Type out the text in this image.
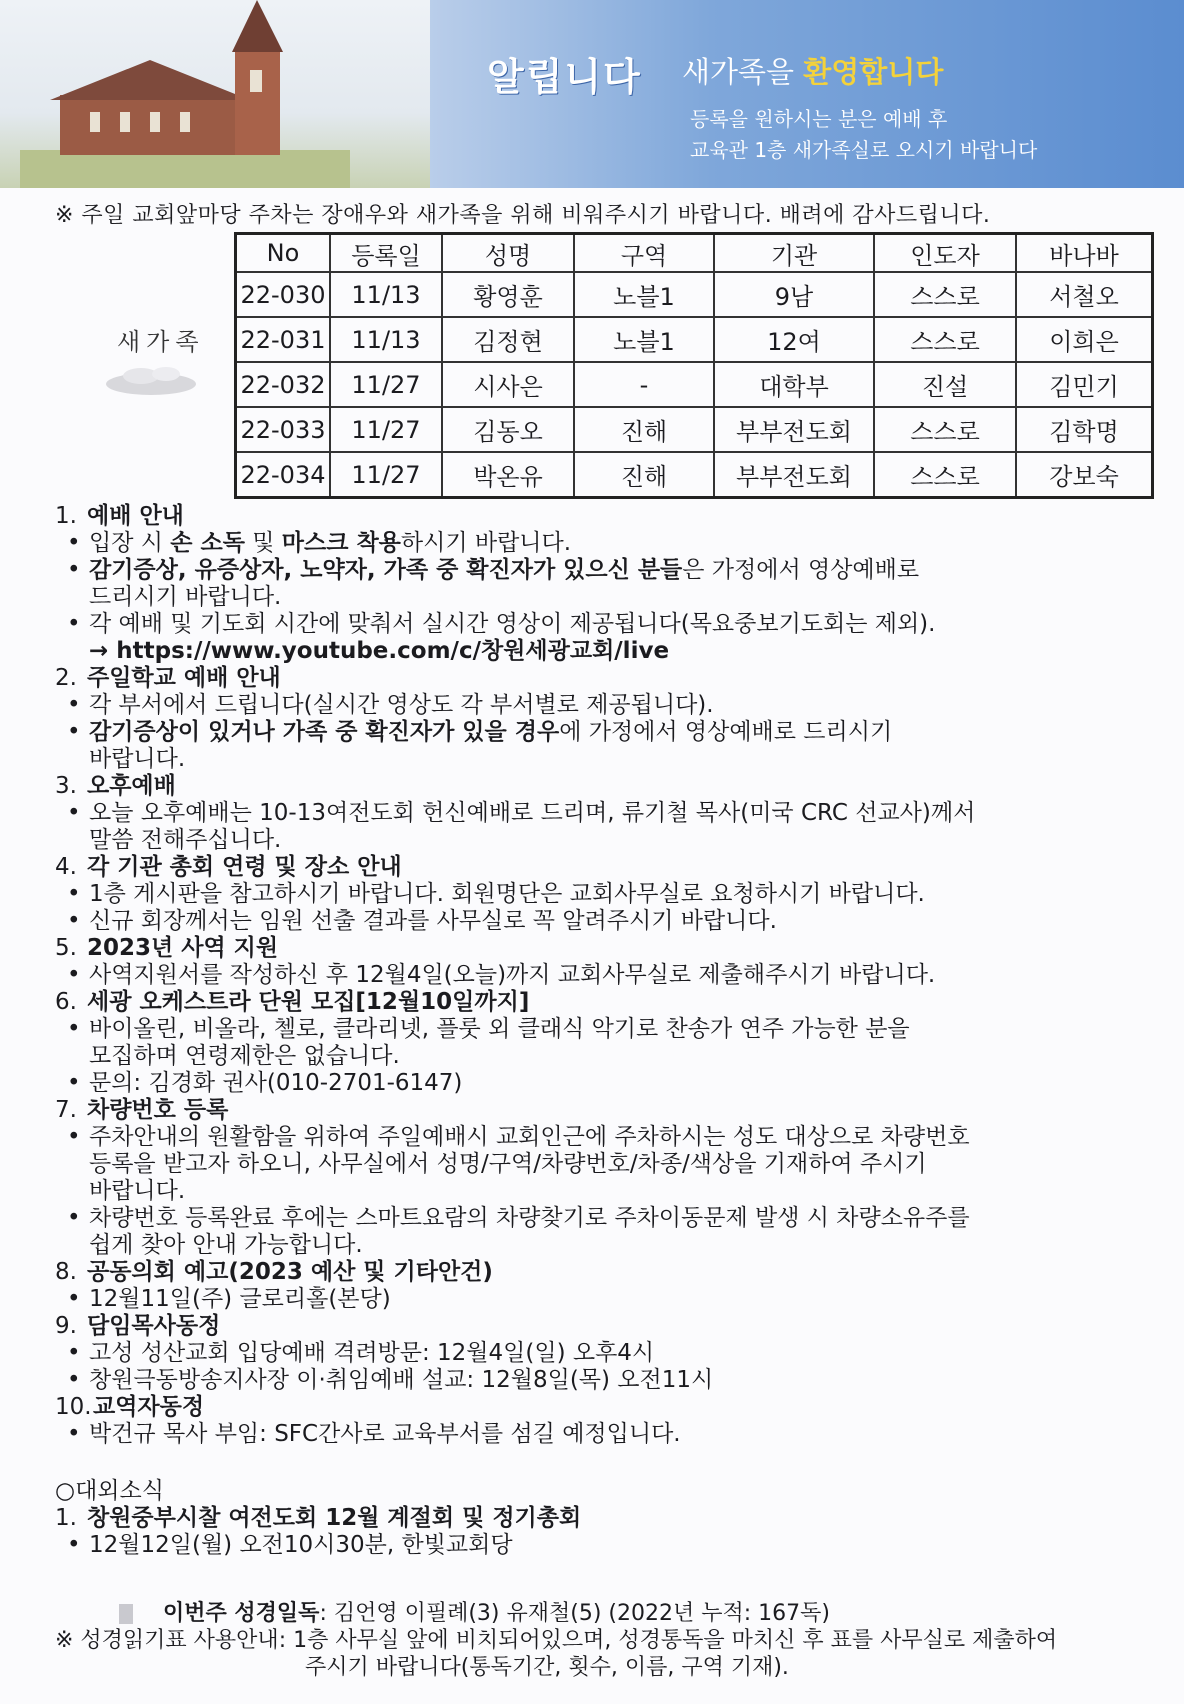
알립니다 새가족을 환영합니다
등록을 원하시는 분은 예배 후
교육관 1층 새가족실로 오시기 바랍니다
※ 주일 교회앞마당 주차는 장애우와 새가족을 위해 비워주시기 바랍니다. 배려에 감사드립니다.
새가족
No	등록일	성명	구역	기관	인도자	바나바
22-030	11/13	황영훈	노블1	9남	스스로	서철오
22-031	11/13	김정현	노블1	12여	스스로	이희은
22-032	11/27	시사은	-	대학부	진설	김민기
22-033	11/27	김동오	진해	부부전도회	스스로	김학명
22-034	11/27	박온유	진해	부부전도회	스스로	강보숙
1. 예배 안내
• 입장 시 손 소독 및 마스크 착용하시기 바랍니다.
• 감기증상, 유증상자, 노약자, 가족 중 확진자가 있으신 분들은 가정에서 영상예배로
드리시기 바랍니다.
• 각 예배 및 기도회 시간에 맞춰서 실시간 영상이 제공됩니다(목요중보기도회는 제외).
→ https://www.youtube.com/c/창원세광교회/live
2. 주일학교 예배 안내
• 각 부서에서 드립니다(실시간 영상도 각 부서별로 제공됩니다).
• 감기증상이 있거나 가족 중 확진자가 있을 경우에 가정에서 영상예배로 드리시기
바랍니다.
3. 오후예배
• 오늘 오후예배는 10-13여전도회 헌신예배로 드리며, 류기철 목사(미국 CRC 선교사)께서
말씀 전해주십니다.
4. 각 기관 총회 연령 및 장소 안내
• 1층 게시판을 참고하시기 바랍니다. 회원명단은 교회사무실로 요청하시기 바랍니다.
• 신규 회장께서는 임원 선출 결과를 사무실로 꼭 알려주시기 바랍니다.
5. 2023년 사역 지원
• 사역지원서를 작성하신 후 12월4일(오늘)까지 교회사무실로 제출해주시기 바랍니다.
6. 세광 오케스트라 단원 모집[12월10일까지]
• 바이올린, 비올라, 첼로, 클라리넷, 플룻 외 클래식 악기로 찬송가 연주 가능한 분을
모집하며 연령제한은 없습니다.
• 문의: 김경화 권사(010-2701-6147)
7. 차량번호 등록
• 주차안내의 원활함을 위하여 주일예배시 교회인근에 주차하시는 성도 대상으로 차량번호
등록을 받고자 하오니, 사무실에서 성명/구역/차량번호/차종/색상을 기재하여 주시기
바랍니다.
• 차량번호 등록완료 후에는 스마트요람의 차량찾기로 주차이동문제 발생 시 차량소유주를
쉽게 찾아 안내 가능합니다.
8. 공동의회 예고(2023 예산 및 기타안건)
• 12월11일(주) 글로리홀(본당)
9. 담임목사동정
• 고성 성산교회 입당예배 격려방문: 12월4일(일) 오후4시
• 창원극동방송지사장 이·취임예배 설교: 12월8일(목) 오전11시
10.교역자동정
• 박건규 목사 부임: SFC간사로 교육부서를 섬길 예정입니다.
○대외소식
1. 창원중부시찰 여전도회 12월 계절회 및 정기총회
• 12월12일(월) 오전10시30분, 한빛교회당
이번주 성경일독: 김언영 이필례(3) 유재철(5) (2022년 누적: 167독)
※ 성경읽기표 사용안내: 1층 사무실 앞에 비치되어있으며, 성경통독을 마치신 후 표를 사무실로 제출하여
주시기 바랍니다(통독기간, 횟수, 이름, 구역 기재).
